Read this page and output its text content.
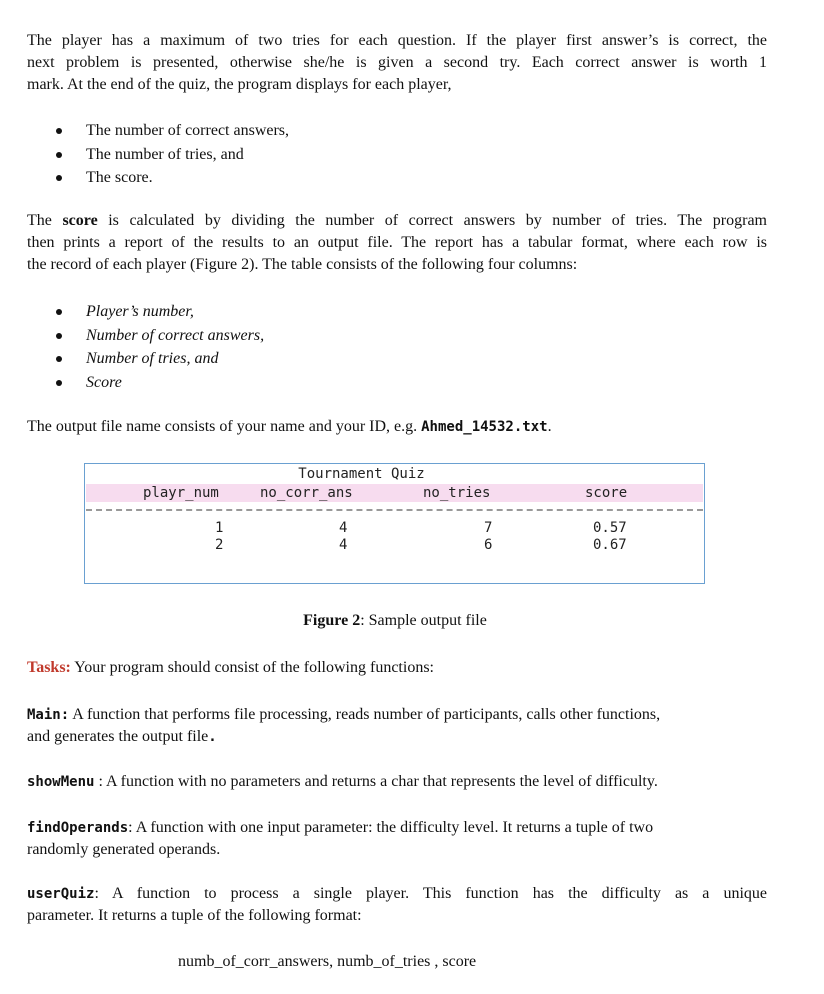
The player has a maximum of two tries for each question. If the player first answer’s is correct, the
next problem is presented, otherwise she/he is given a second try. Each correct answer is worth 1
mark. At the end of the quiz, the program displays for each player,
The number of correct answers,
The number of tries, and
The score.
The score is calculated by dividing the number of correct answers by number of tries. The program
then prints a report of the results to an output file. The report has a tabular format, where each row is
the record of each player (Figure 2). The table consists of the following four columns:
Player’s number,
Number of correct answers,
Number of tries, and
Score
The output file name consists of your name and your ID, e.g. Ahmed_14532.txt.
Tournament Quiz
playr_num	no_corr_ans	no_tries	score
1	4	7	0.57
2	4	6	0.67
Figure 2: Sample output file
Tasks: Your program should consist of the following functions:
Main: A function that performs file processing, reads number of participants, calls other functions,
and generates the output file.
showMenu : A function with no parameters and returns a char that represents the level of difficulty.
findOperands: A function with one input parameter: the difficulty level. It returns a tuple of two
randomly generated operands.
userQuiz: A function to process a single player. This function has the difficulty as a unique
parameter. It returns a tuple of the following format:
numb_of_corr_answers, numb_of_tries , score
